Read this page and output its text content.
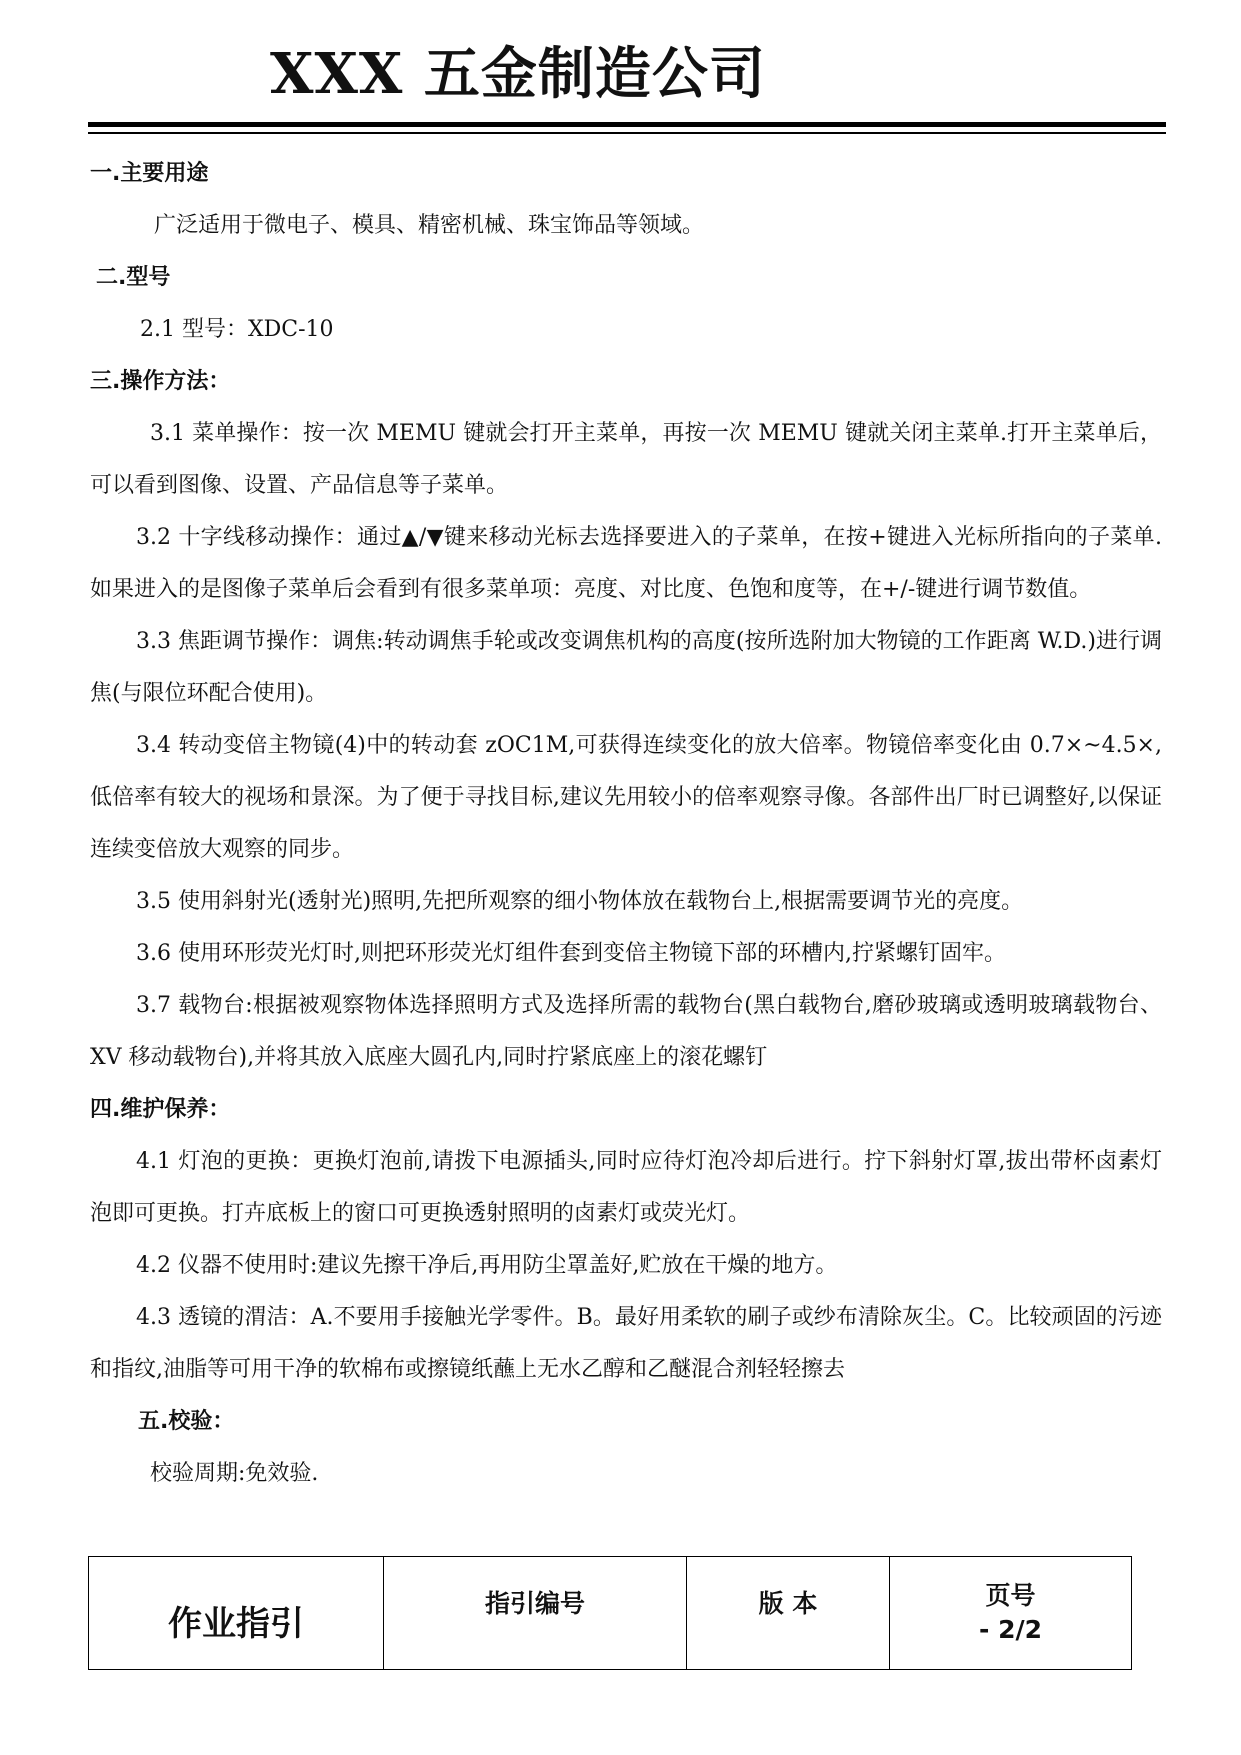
XXX 五金制造公司
一.主要用途
广泛适用于微电子、模具、精密机械、珠宝饰品等领域。
二.型号
2.1 型号：XDC-10
三.操作方法：

3.1 菜单操作：按一次 MEMU 键就会打开主菜单，再按一次 MEMU 键就关闭主菜单.打开主菜单后，可以看到图像、设置、产品信息等子菜单。

3.2 十字线移动操作：通过▲/▼键来移动光标去选择要进入的子菜单，在按+键进入光标所指向的子菜单.如果进入的是图像子菜单后会看到有很多菜单项：亮度、对比度、色饱和度等，在+/-键进行调节数值。

3.3 焦距调节操作：调焦:转动调焦手轮或改变调焦机构的高度(按所选附加大物镜的工作距离 W.D.)进行调焦(与限位环配合使用)。

3.4 转动变倍主物镜(4)中的转动套 zOC1M,可获得连续变化的放大倍率。物镜倍率变化由 0.7×~4.5×,低倍率有较大的视场和景深。为了便于寻找目标,建议先用较小的倍率观察寻像。各部件出厂时已调整好,以保证连续变倍放大观察的同步。

3.5 使用斜射光(透射光)照明,先把所观察的细小物体放在载物台上,根据需要调节光的亮度。
3.6 使用环形荧光灯时,则把环形荧光灯组件套到变倍主物镜下部的环槽内,拧紧螺钉固牢。

3.7 载物台:根据被观察物体选择照明方式及选择所需的载物台(黑白载物台,磨砂玻璃或透明玻璃载物台、XV 移动载物台),并将其放入底座大圆孔内,同时拧紧底座上的滚花螺钉

四.维护保养：

4.1 灯泡的更换：更换灯泡前,请拨下电源插头,同时应待灯泡冷却后进行。拧下斜射灯罩,拔出带杯卤素灯泡即可更换。打卉底板上的窗口可更换透射照明的卤素灯或荧光灯。

4.2 仪器不使用时:建议先擦干净后,再用防尘罩盖好,贮放在干燥的地方。

4.3 透镜的渭洁：A.不要用手接触光学零件。B。最好用柔软的刷子或纱布清除灰尘。C。比较顽固的污迹和指纹,油脂等可用干净的软棉布或擦镜纸蘸上无水乙醇和乙醚混合剂轻轻擦去

五.校验：
校验周期:免效验.
作业指引	指引编号	版 本	页号
- 2/2
